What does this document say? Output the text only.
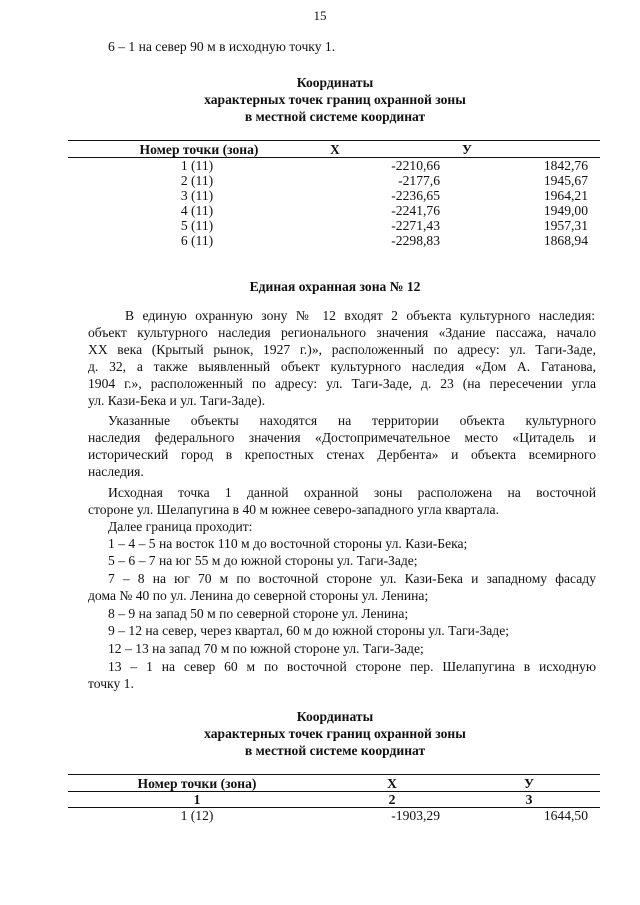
15
6 – 1 на север 90 м в исходную точку 1.
Координаты
характерных точек границ охранной зоны
в местной системе координат
Номер точки (зона)	X	У
1 (11)	-2210,66	1842,76
2 (11)	-2177,6	1945,67
3 (11)	-2236,65	1964,21
4 (11)	-2241,76	1949,00
5 (11)	-2271,43	1957,31
6 (11)	-2298,83	1868,94
Единая охранная зона № 12
В единую охранную зону № 12 входят 2 объекта культурного наследия:
объект культурного наследия регионального значения «Здание пассажа, начало
XX века (Крытый рынок, 1927 г.)», расположенный по адресу: ул. Таги-Заде,
д. 32, а также выявленный объект культурного наследия «Дом А. Гатанова,
1904 г.», расположенный по адресу: ул. Таги-Заде, д. 23 (на пересечении угла
ул. Кази-Бека и ул. Таги-Заде).
Указанные объекты находятся на территории объекта культурного
наследия федерального значения «Достопримечательное место «Цитадель и
исторический город в крепостных стенах Дербента» и объекта всемирного
наследия.
Исходная точка 1 данной охранной зоны расположена на восточной
стороне ул. Шелапугина в 40 м южнее северо-западного угла квартала.
Далее граница проходит:
1 – 4 – 5 на восток 110 м до восточной стороны ул. Кази-Бека;
5 – 6 – 7 на юг 55 м до южной стороны ул. Таги-Заде;
7 – 8 на юг 70 м по восточной стороне ул. Кази-Бека и западному фасаду
дома № 40 по ул. Ленина до северной стороны ул. Ленина;
8 – 9 на запад 50 м по северной стороне ул. Ленина;
9 – 12 на север, через квартал, 60 м до южной стороны ул. Таги-Заде;
12 – 13 на запад 70 м по южной стороне ул. Таги-Заде;
13 – 1 на север 60 м по восточной стороне пер. Шелапугина в исходную
точку 1.
Координаты
характерных точек границ охранной зоны
в местной системе координат
Номер точки (зона)	X	У
1	2	3
1 (12)	-1903,29	1644,50
